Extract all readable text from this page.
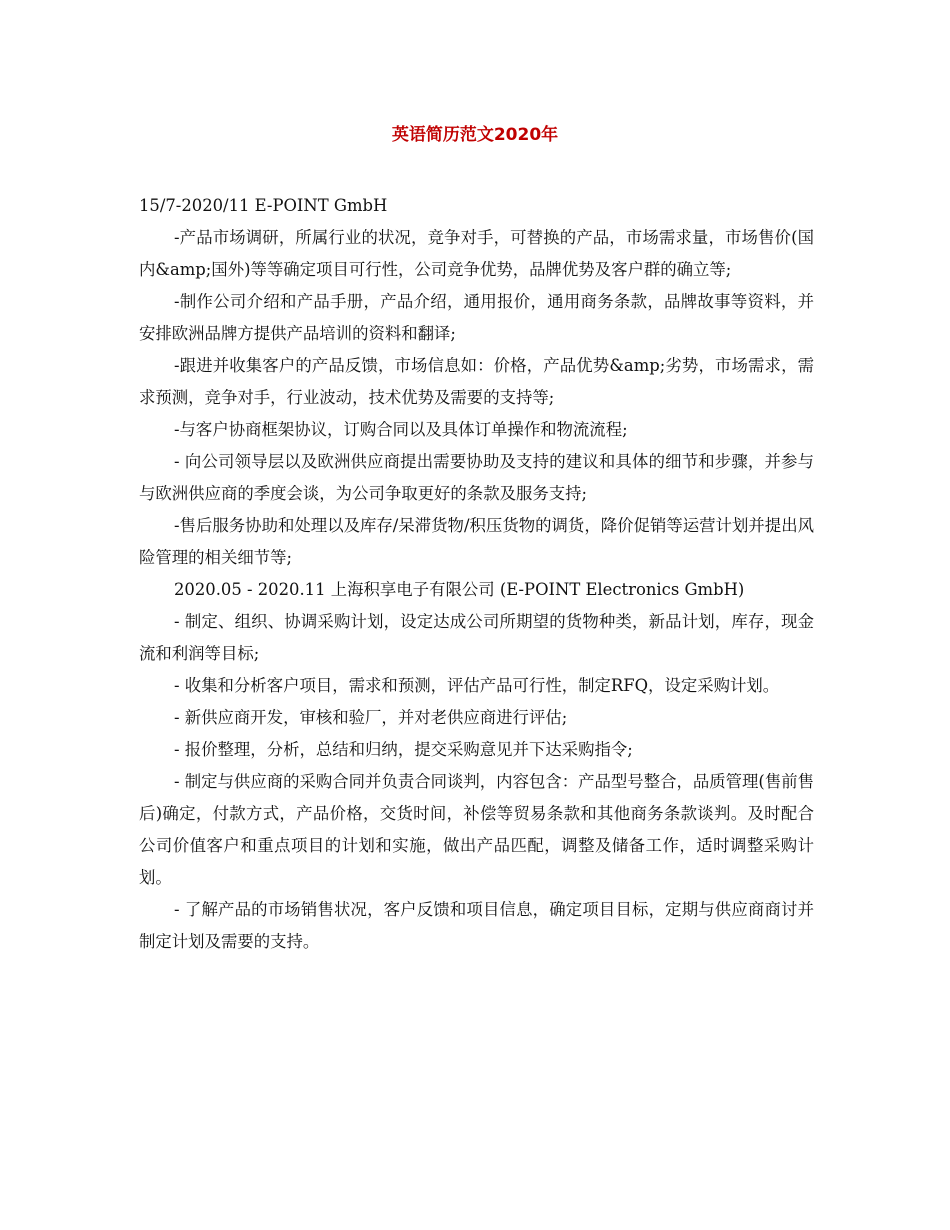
英语简历范文2020年

15/7-2020/11 E-POINT GmbH

-产品市场调研，所属行业的状况，竞争对手，可替换的产品，市场需求量，市场售价(国内&amp;国外)等等确定项目可行性，公司竞争优势，品牌优势及客户群的确立等;

-制作公司介绍和产品手册，产品介绍，通用报价，通用商务条款，品牌故事等资料，并安排欧洲品牌方提供产品培训的资料和翻译;

-跟进并收集客户的产品反馈，市场信息如：价格，产品优势&amp;劣势，市场需求，需求预测，竞争对手，行业波动，技术优势及需要的支持等;

-与客户协商框架协议，订购合同以及具体订单操作和物流流程;

- 向公司领导层以及欧洲供应商提出需要协助及支持的建议和具体的细节和步骤，并参与与欧洲供应商的季度会谈，为公司争取更好的条款及服务支持;

-售后服务协助和处理以及库存/呆滞货物/积压货物的调货，降价促销等运营计划并提出风险管理的相关细节等;

2020.05 - 2020.11 上海积享电子有限公司 (E-POINT Electronics GmbH)

- 制定、组织、协调采购计划，设定达成公司所期望的货物种类，新品计划，库存，现金流和利润等目标;

- 收集和分析客户项目，需求和预测，评估产品可行性，制定RFQ，设定采购计划。

- 新供应商开发，审核和验厂，并对老供应商进行评估;

- 报价整理，分析，总结和归纳，提交采购意见并下达采购指令;

- 制定与供应商的采购合同并负责合同谈判，内容包含：产品型号整合，品质管理(售前售后)确定，付款方式，产品价格，交货时间，补偿等贸易条款和其他商务条款谈判。及时配合公司价值客户和重点项目的计划和实施，做出产品匹配，调整及储备工作，适时调整采购计划。

- 了解产品的市场销售状况，客户反馈和项目信息，确定项目目标，定期与供应商商讨并制定计划及需要的支持。
